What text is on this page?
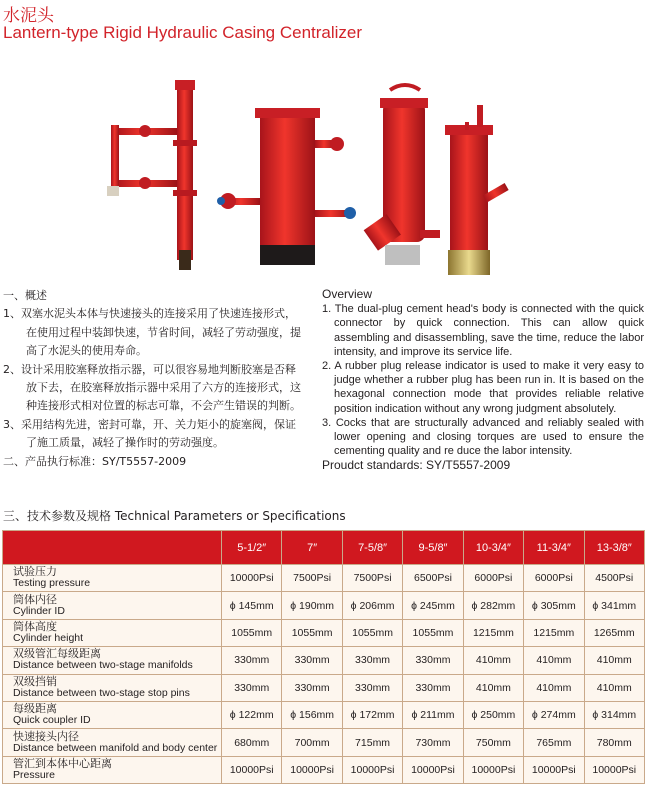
水泥头
Lantern-type Rigid Hydraulic Casing Centralizer
一、概述
1、双塞水泥头本体与快速接头的连接采用了快速连接形式，在使用过程中装卸快速，节省时间，减轻了劳动强度，提高了水泥头的使用寿命。
2、设计采用胶塞释放指示器，可以很容易地判断胶塞是否释放下去，在胶塞释放指示器中采用了六方的连接形式，这种连接形式相对位置的标志可靠，不会产生错误的判断。
3、采用结构先进，密封可靠，开、关力矩小的旋塞阀，保证了施工质量，减轻了操作时的劳动强度。
二、产品执行标准：SY/T5557-2009
Overview
1. The dual-plug cement head's body is connected with the quick connector by quick connection. This can allow quick assembling and disassembling, save the time, reduce the labor intensity, and improve its service life.
2. A rubber plug release indicator is used to make it very easy to judge whether a rubber plug has been run in. It is based on the hexagonal connection mode that provides reliable relative position indication without any wrong judgment absolutely.
3. Cocks that are structurally advanced and reliably sealed with lower opening and closing torques are used to ensure the cementing quality and re duce the labor intensity.
Proudct standards: SY/T5557-2009
三、技术参数及规格 Technical Parameters or Specifications
	5-1/2″	7″	7-5/8″	9-5/8″	10-3/4″	11-3/4″	13-3/8″

试验压力
Testing pressure	10000Psi	7500Psi	7500Psi	6500Psi	6000Psi	6000Psi	4500Psi

筒体内径
Cylinder ID	ϕ 145mm	ϕ 190mm	ϕ 206mm	ϕ 245mm	ϕ 282mm	ϕ 305mm	ϕ 341mm

筒体高度
Cylinder height	1055mm	1055mm	1055mm	1055mm	1215mm	1215mm	1265mm

双级管汇每级距离
Distance between two-stage manifolds	330mm	330mm	330mm	330mm	410mm	410mm	410mm

双级挡销
Distance between two-stage stop pins	330mm	330mm	330mm	330mm	410mm	410mm	410mm

每级距离
Quick coupler ID	ϕ 122mm	ϕ 156mm	ϕ 172mm	ϕ 211mm	ϕ 250mm	ϕ 274mm	ϕ 314mm

快速接头内径
Distance between manifold and body center	680mm	700mm	715mm	730mm	750mm	765mm	780mm

管汇到本体中心距离
Pressure	10000Psi	10000Psi	10000Psi	10000Psi	10000Psi	10000Psi	10000Psi
